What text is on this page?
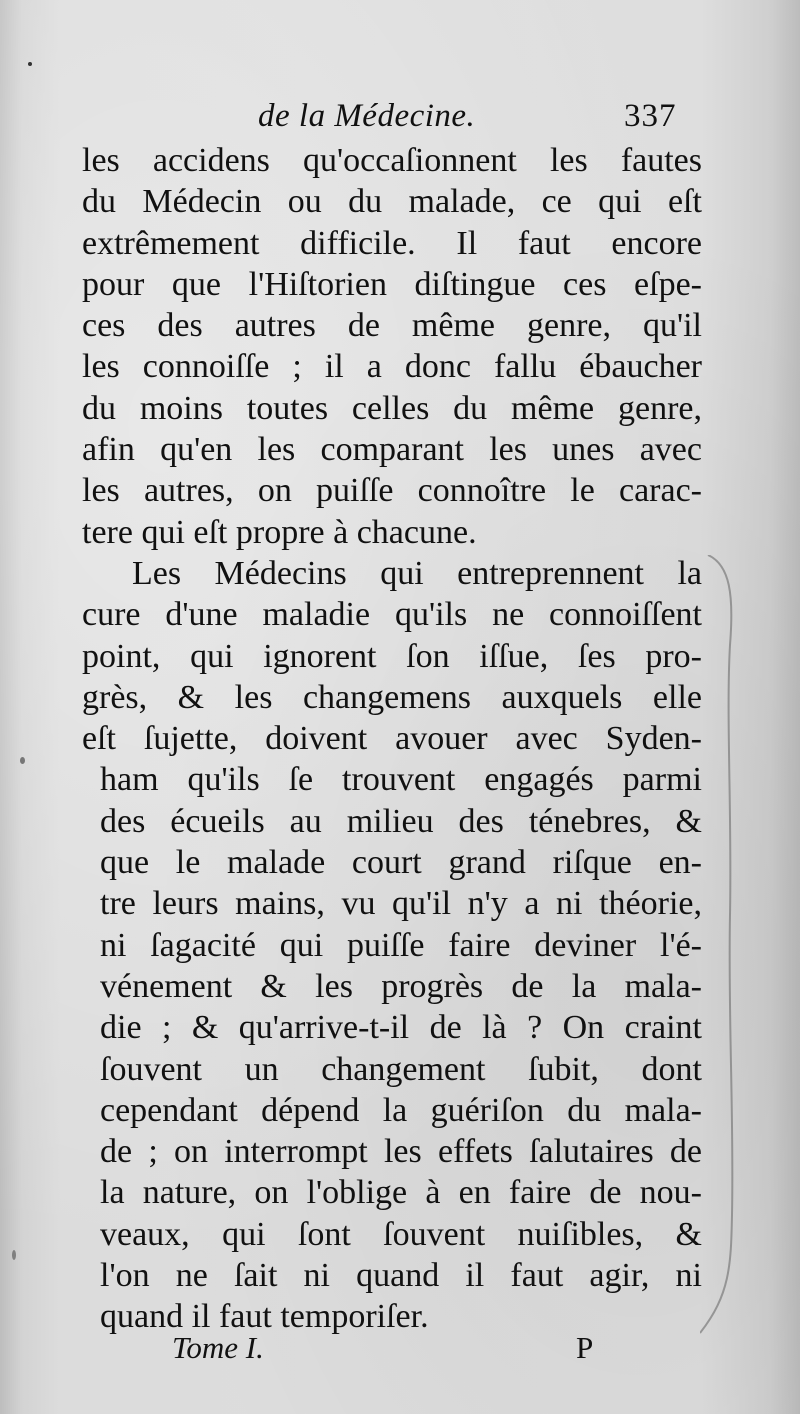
de la Médecine.	337
les accidens qu'occaſionnent les fautes
du Médecin ou du malade, ce qui eſt
extrêmement difficile. Il faut encore
pour que l'Hiſtorien diſtingue ces eſpe-
ces des autres de même genre, qu'il
les connoiſſe ; il a donc fallu ébaucher
du moins toutes celles du même genre,
afin qu'en les comparant les unes avec
les autres, on puiſſe connoître le carac-
tere qui eſt propre à chacune.
Les Médecins qui entreprennent la
cure d'une maladie qu'ils ne connoiſſent
point, qui ignorent ſon iſſue, ſes pro-
grès, & les changemens auxquels elle
eſt ſujette, doivent avouer avec Syden-
ham qu'ils ſe trouvent engagés parmi
des écueils au milieu des ténebres, &
que le malade court grand riſque en-
tre leurs mains, vu qu'il n'y a ni théorie,
ni ſagacité qui puiſſe faire deviner l'é-
vénement & les progrès de la mala-
die ; & qu'arrive-t-il de là ? On craint
ſouvent un changement ſubit, dont
cependant dépend la guériſon du mala-
de ; on interrompt les effets ſalutaires de
la nature, on l'oblige à en faire de nou-
veaux, qui ſont ſouvent nuiſibles, &
l'on ne ſait ni quand il faut agir, ni
quand il faut temporiſer.
Tome I.	P
